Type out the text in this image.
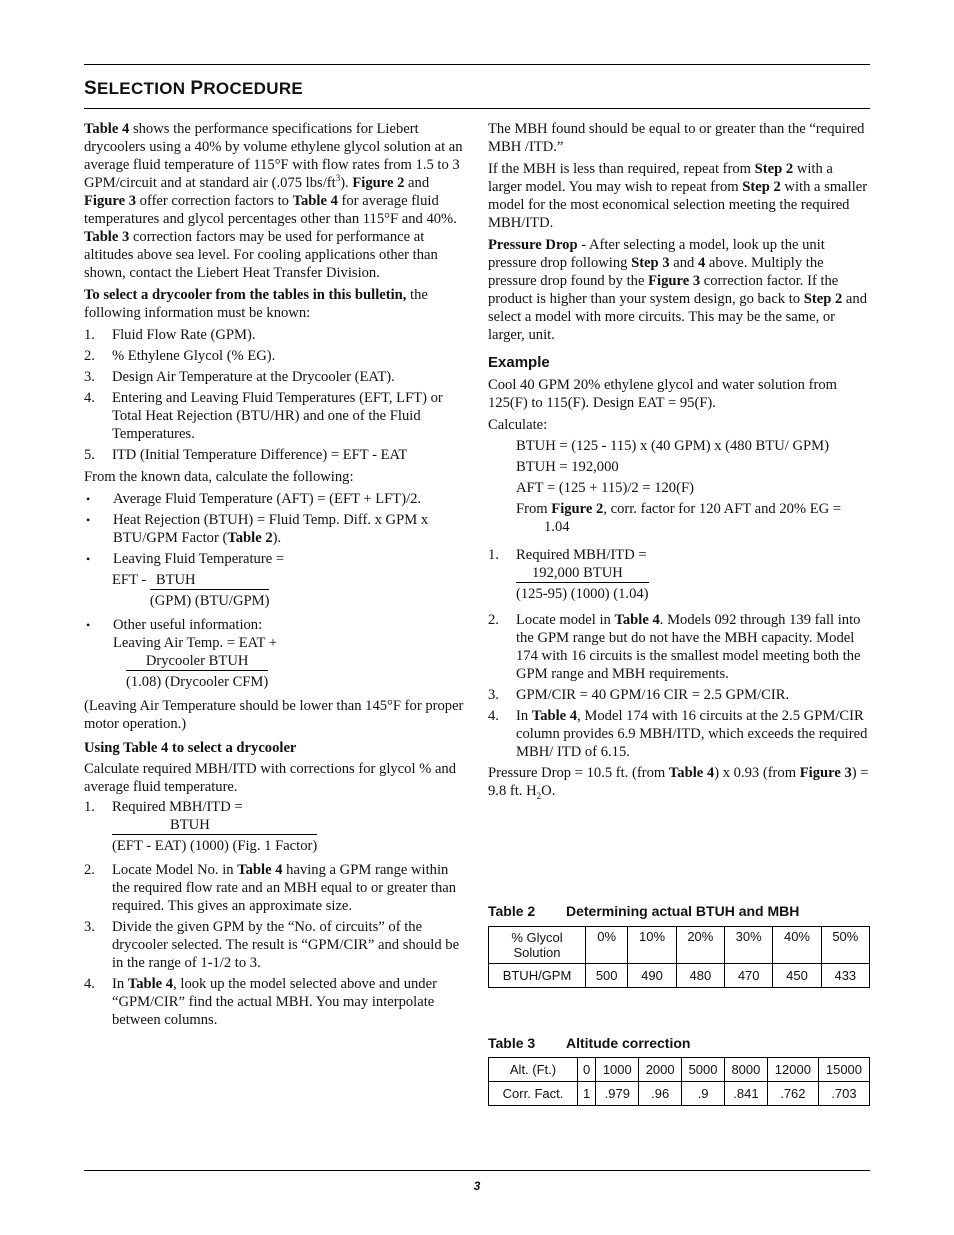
SELECTION PROCEDURE

Table 4 shows the performance specifications for Liebert drycoolers using a 40% by volume ethylene glycol solution at an average fluid temperature of 115°F with flow rates from 1.5 to 3 GPM/circuit and at standard air (.075 lbs/$ft^3$). Figure 2 and Figure 3 offer correction factors to Table 4 for average fluid temperatures and glycol percentages other than 115°F and 40%. Table 3 correction factors may be used for performance at altitudes above sea level. For cooling applications other than shown, contact the Liebert Heat Transfer Division.

To select a drycooler from the tables in this bulletin, the following information must be known:

1. Fluid Flow Rate (GPM).
2. % Ethylene Glycol (% EG).
3. Design Air Temperature at the Drycooler (EAT).
4. Entering and Leaving Fluid Temperatures (EFT, LFT) or Total Heat Rejection (BTU/HR) and one of the Fluid Temperatures.
5. ITD (Initial Temperature Difference) = EFT - EAT

From the known data, calculate the following:

• Average Fluid Temperature (AFT) = (EFT + LFT)/2.
• Heat Rejection (BTUH) = Fluid Temp. Diff. x GPM x BTU/GPM Factor (Table 2).
• Leaving Fluid Temperature =
EFT - $\frac{\text{BTUH}}{\text{(GPM) (BTU/GPM)}}$
• Other useful information:
Leaving Air Temp. = EAT +
$\frac{\text{Drycooler BTUH}}{\text{(1.08) (Drycooler CFM)}}$

(Leaving Air Temperature should be lower than 145°F for proper motor operation.)

Using Table 4 to select a drycooler

Calculate required MBH/ITD with corrections for glycol % and average fluid temperature.

1. Required MBH/ITD =
$\frac{\text{BTUH}}{\text{(EFT - EAT) (1000) (Fig. 1 Factor)}}$
2. Locate Model No. in Table 4 having a GPM range within the required flow rate and an MBH equal to or greater than required. This gives an approximate size.
3. Divide the given GPM by the “No. of circuits” of the drycooler selected. The result is “GPM/CIR” and should be in the range of 1-1/2 to 3.
4. In Table 4, look up the model selected above and under “GPM/CIR” find the actual MBH. You may interpolate between columns.

The MBH found should be equal to or greater than the “required MBH /ITD.”

If the MBH is less than required, repeat from Step 2 with a larger model. You may wish to repeat from Step 2 with a smaller model for the most economical selection meeting the required MBH/ITD.

Pressure Drop - After selecting a model, look up the unit pressure drop following Step 3 and 4 above. Multiply the pressure drop found by the Figure 3 correction factor. If the product is higher than your system design, go back to Step 2 and select a model with more circuits. This may be the same, or larger, unit.

Example

Cool 40 GPM 20% ethylene glycol and water solution from 125(F) to 115(F). Design EAT = 95(F).

Calculate:

BTUH = (125 - 115) x (40 GPM) x (480 BTU/ GPM)
BTUH = 192,000
AFT = (125 + 115)/2 = 120(F)
From Figure 2, corr. factor for 120 AFT and 20% EG = 1.04
1. Required MBH/ITD =
$\frac{\text{192,000 BTUH}}{(125-95) (1000) (1.04)}$
2. Locate model in Table 4. Models 092 through 139 fall into the GPM range but do not have the MBH capacity. Model 174 with 16 circuits is the smallest model meeting both the GPM range and MBH requirements.
3. GPM/CIR = 40 GPM/16 CIR = 2.5 GPM/CIR.
4. In Table 4, Model 174 with 16 circuits at the 2.5 GPM/CIR column provides 6.9 MBH/ITD, which exceeds the required MBH/ ITD of 6.15.

Pressure Drop = 10.5 ft. (from Table 4) x 0.93 (from Figure 3) = 9.8 ft. $H_2O$.

Table 2 Determining actual BTUH and MBH
% Glycol Solution	0%	10%	20%	30%	40%	50%
BTUH/GPM	500	490	480	470	450	433
Table 3 Altitude correction
Alt. (Ft.)	0	1000	2000	5000	8000	12000	15000
Corr. Fact.	1	.979	.96	.9	.841	.762	.703
3
